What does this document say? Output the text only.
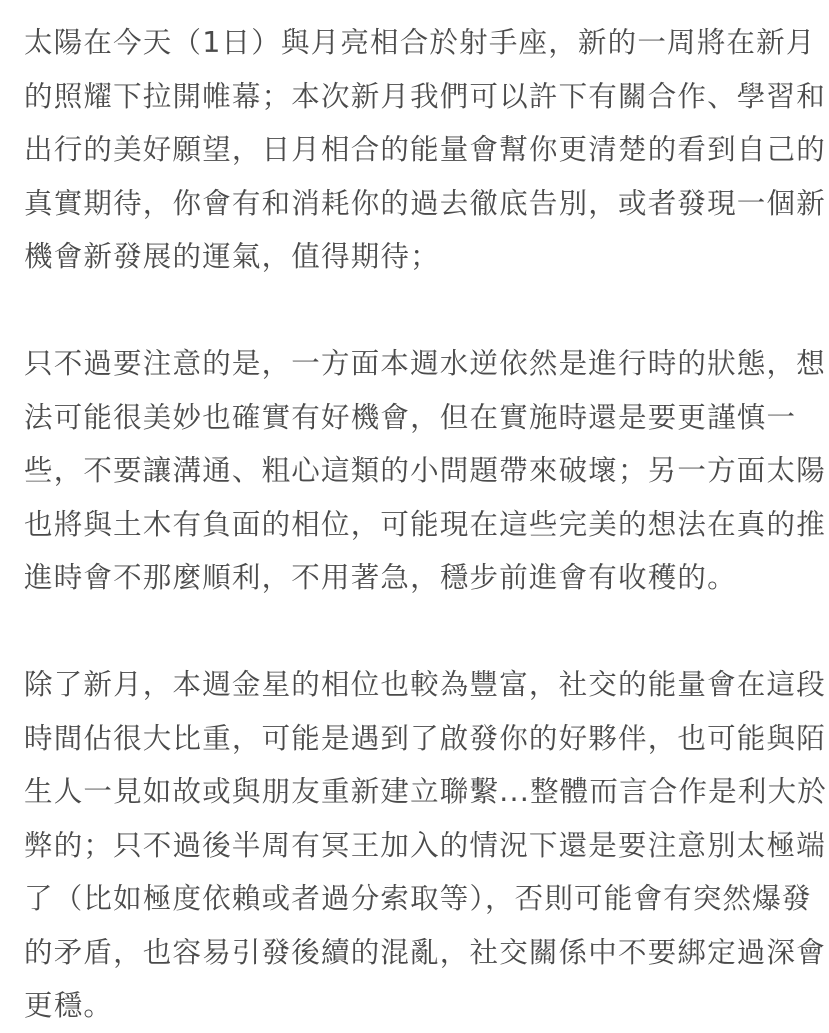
太陽在今天（1日）與月亮相合於射手座，新的一周將在新月
的照耀下拉開帷幕；本次新月我們可以許下有關合作、學習和
出行的美好願望，日月相合的能量會幫你更清楚的看到自己的
真實期待，你會有和消耗你的過去徹底告別，或者發現一個新
機會新發展的運氣，值得期待；

只不過要注意的是，一方面本週水逆依然是進行時的狀態，想
法可能很美妙也確實有好機會，但在實施時還是要更謹慎一
些，不要讓溝通、粗心這類的小問題帶來破壞；另一方面太陽
也將與土木有負面的相位，可能現在這些完美的想法在真的推
進時會不那麼順利，不用著急，穩步前進會有收穫的。

除了新月，本週金星的相位也較為豐富，社交的能量會在這段
時間佔很大比重，可能是遇到了啟發你的好夥伴，也可能與陌
生人一見如故或與朋友重新建立聯繫...整體而言合作是利大於
弊的；只不過後半周有冥王加入的情況下還是要注意別太極端
了（比如極度依賴或者過分索取等），否則可能會有突然爆發
的矛盾，也容易引發後續的混亂，社交關係中不要綁定過深會
更穩。
